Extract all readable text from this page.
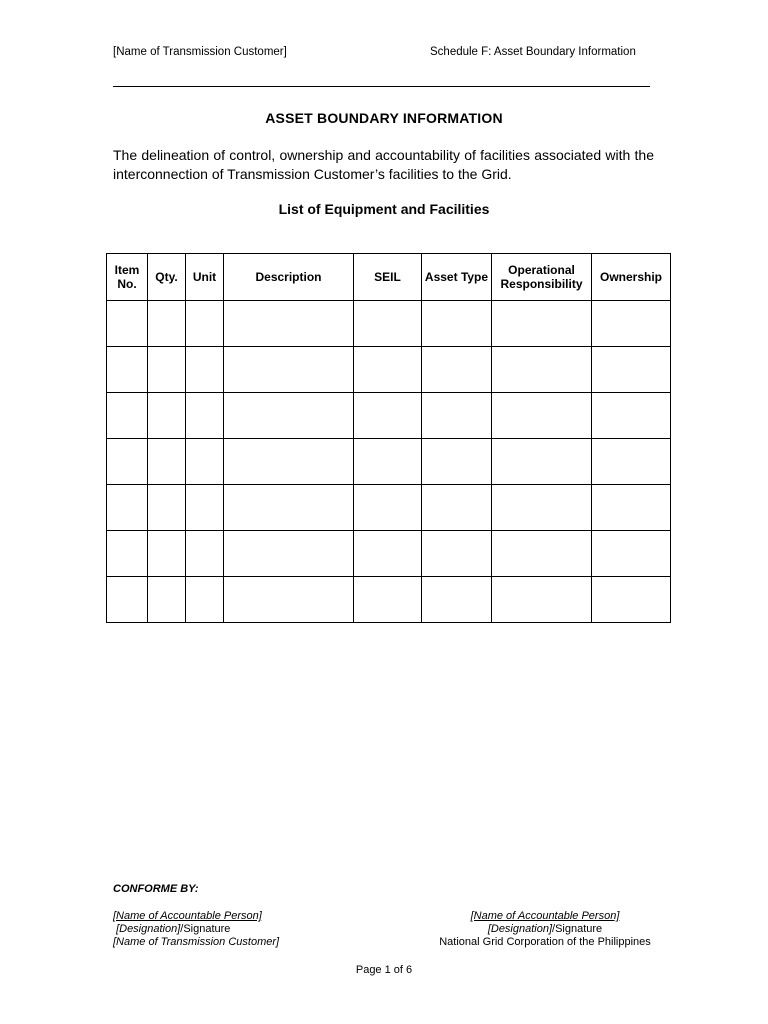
[Name of Transmission Customer]	Schedule F: Asset Boundary Information
ASSET BOUNDARY INFORMATION
The delineation of control, ownership and accountability of facilities associated with the interconnection of Transmission Customer’s facilities to the Grid.
List of Equipment and Facilities
Item No.	Qty.	Unit	Description	SEIL	Asset Type	Operational Responsibility	Ownership

CONFORME BY:
[Name of Accountable Person]
[Designation]/Signature
[Name of Transmission Customer]
[Name of Accountable Person]
[Designation]/Signature
National Grid Corporation of the Philippines
Page 1 of 6
